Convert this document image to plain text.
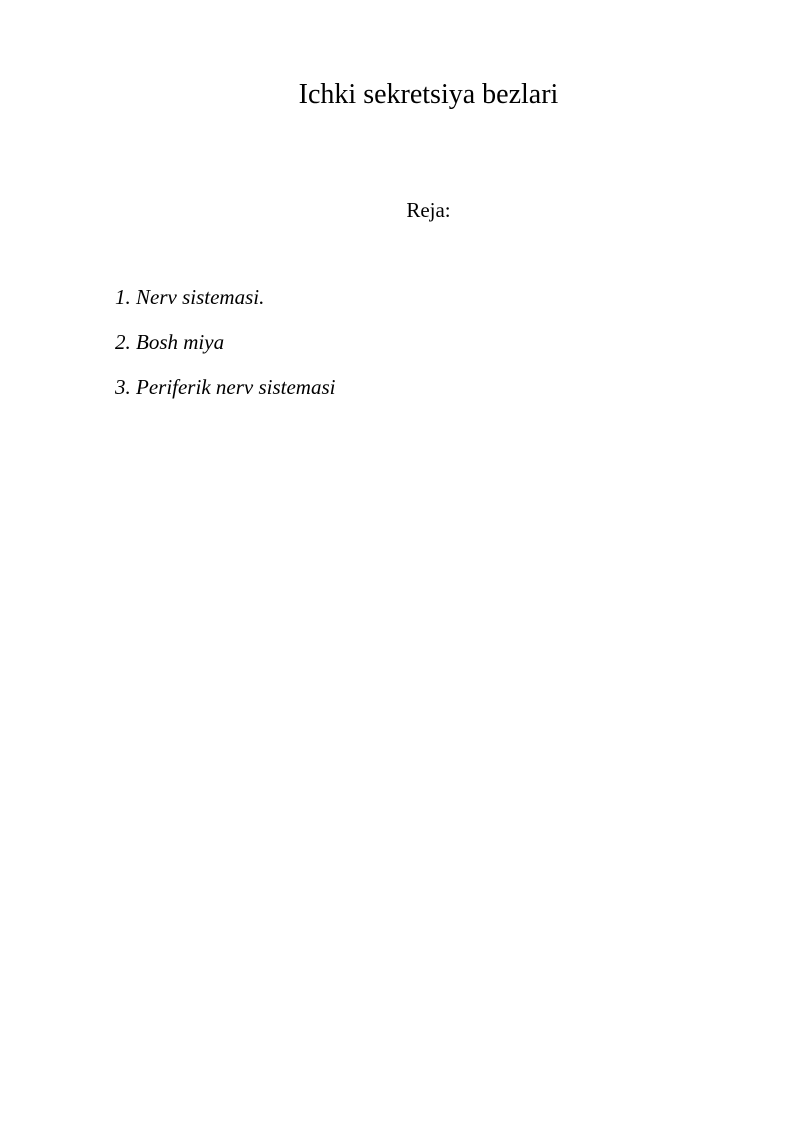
Ichki sekretsiya bezlari
Reja:
1. Nerv sistemasi.
2. Bosh miya
3. Periferik nerv sistemasi
